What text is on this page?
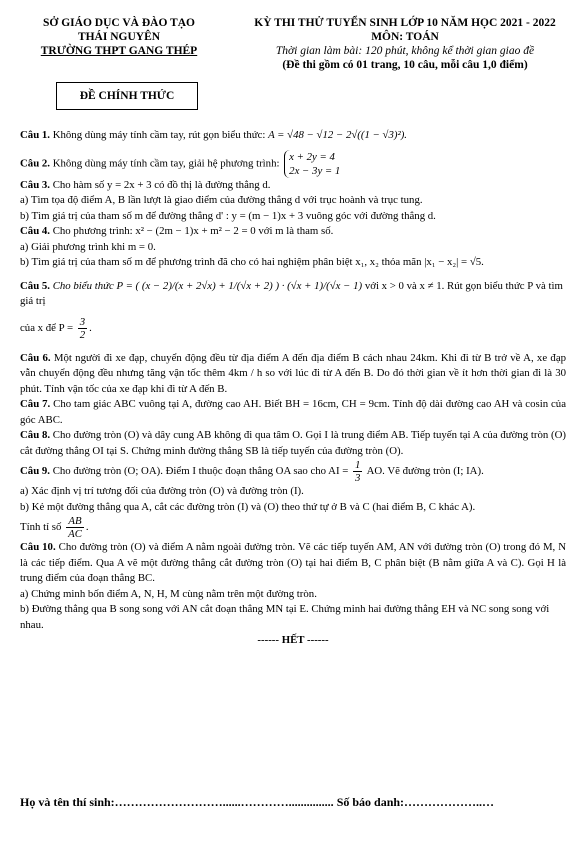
SỞ GIÁO DỤC VÀ ĐÀO TẠO
THÁI NGUYÊN
TRƯỜNG THPT GANG THÉP
KỲ THI THỬ TUYỂN SINH LỚP 10 NĂM HỌC 2021 - 2022
MÔN: TOÁN
Thời gian làm bài: 120 phút, không kể thời gian giao đề
(Đề thi gồm có 01 trang, 10 câu, mỗi câu 1,0 điểm)
ĐỀ CHÍNH THỨC

Câu 1. Không dùng máy tính cầm tay, rút gọn biểu thức: A = √48 − √12 − 2√((1 − √3)²).

Câu 2. Không dùng máy tính cầm tay, giải hệ phương trình:
x + 2y = 4
2x − 3y = 1

Câu 3. Cho hàm số y = 2x + 3 có đồ thị là đường thẳng d.

a) Tìm tọa độ điểm A, B lần lượt là giao điểm của đường thẳng d với trục hoành và trục tung.

b) Tìm giá trị của tham số m để đường thẳng d' : y = (m − 1)x + 3 vuông góc với đường thẳng d.

Câu 4. Cho phương trình: x² − (2m − 1)x + m² − 2 = 0 với m là tham số.

a) Giải phương trình khi m = 0.

b) Tìm giá trị của tham số m để phương trình đã cho có hai nghiệm phân biệt x₁, x₂ thỏa mãn |x₁ − x₂| = √5.

Câu 5. Cho biểu thức P = ( (x − 2)/(x + 2√x) + 1/(√x + 2) ) · (√x + 1)/(√x − 1) với x > 0 và x ≠ 1. Rút gọn biểu thức P và tìm giá trị

của x để $P = \frac{3}{2}$ .

Câu 6. Một người đi xe đạp, chuyển động đều từ địa điểm A đến địa điểm B cách nhau 24km. Khi đi từ B trở về A, xe đạp vẫn chuyển động đều nhưng tăng vận tốc thêm 4km / h so với lúc đi từ A đến B. Do đó thời gian về ít hơn thời gian đi là 30 phút. Tính vận tốc của xe đạp khi đi từ A đến B.

Câu 7. Cho tam giác ABC vuông tại A, đường cao AH. Biết BH = 16cm, CH = 9cm. Tính độ dài đường cao AH và cosin của góc ABC.

Câu 8. Cho đường tròn (O) và dây cung AB không đi qua tâm O. Gọi I là trung điểm AB. Tiếp tuyến tại A của đường tròn (O) cắt đường thẳng OI tại S. Chứng minh đường thẳng SB là tiếp tuyến của đường tròn (O).

Câu 9. Cho đường tròn (O; OA). Điểm I thuộc đoạn thẳng OA sao cho AI = $\frac{1}{3}$ AO. Vẽ đường tròn (I; IA).

a) Xác định vị trí tương đối của đường tròn (O) và đường tròn (I).

b) Kẻ một đường thẳng qua A, cắt các đường tròn (I) và (O) theo thứ tự ở B và C (hai điểm B, C khác A).

Tính tỉ số $\frac{AB}{AC}$ .

Câu 10. Cho đường tròn (O) và điểm A nằm ngoài đường tròn. Vẽ các tiếp tuyến AM, AN với đường tròn (O) trong đó M, N là các tiếp điểm. Qua A vẽ một đường thẳng cắt đường tròn (O) tại hai điểm B, C phân biệt (B nằm giữa A và C). Gọi H là trung điểm của đoạn thẳng BC.

a) Chứng minh bốn điểm A, N, H, M cùng nằm trên một đường tròn.

b) Đường thẳng qua B song song với AN cắt đoạn thẳng MN tại E. Chứng minh hai đường thẳng EH và NC song song với nhau.

------ HẾT ------

Họ và tên thí sinh:………………………......…………............... Số báo danh:………………..…
